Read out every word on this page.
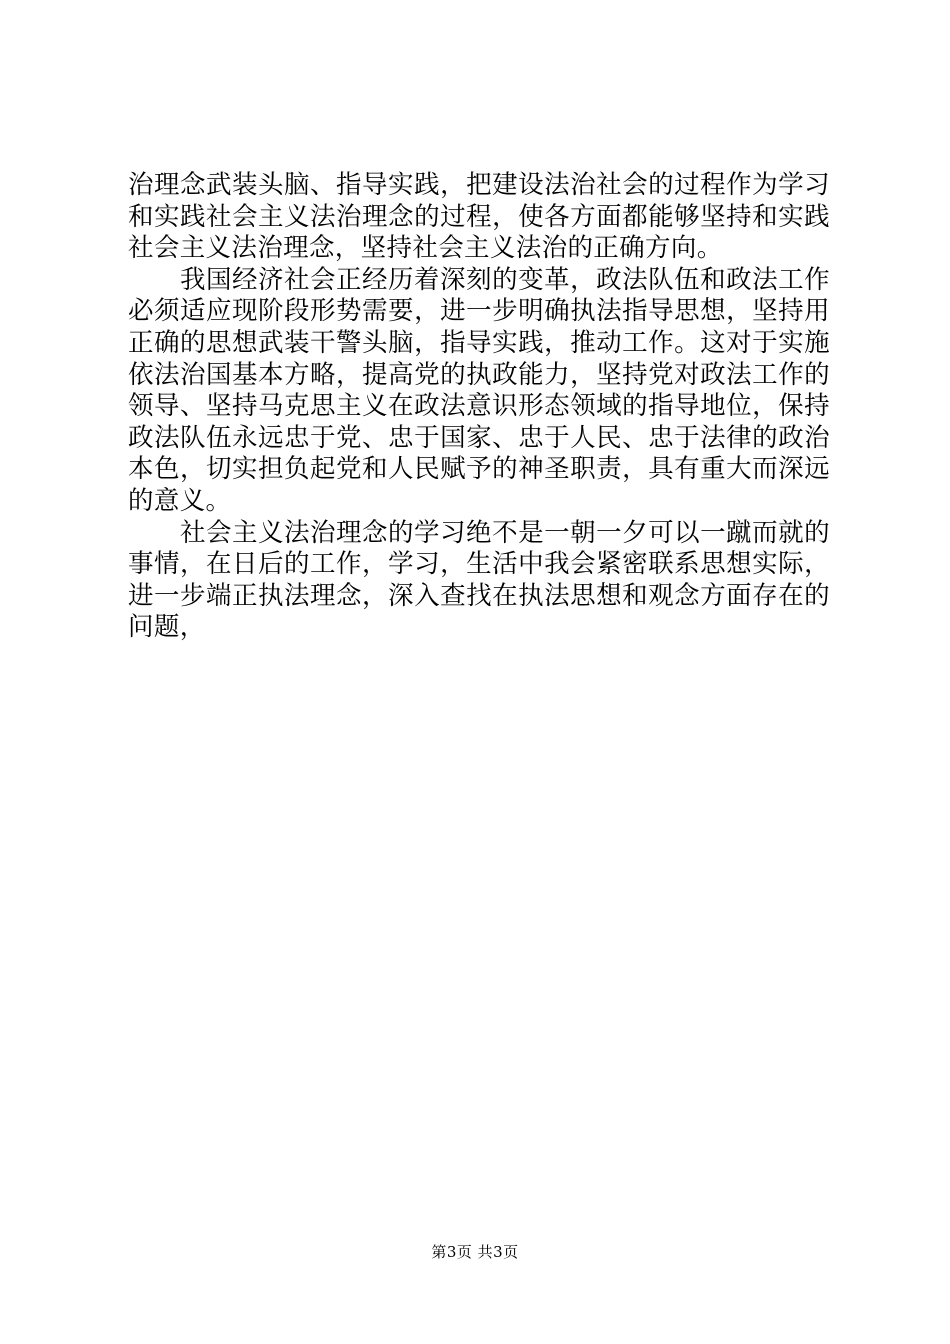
治理念武装头脑、指导实践，把建设法治社会的过程作为学习和实践社会主义法治理念的过程，使各方面都能够坚持和实践社会主义法治理念，坚持社会主义法治的正确方向。

我国经济社会正经历着深刻的变革，政法队伍和政法工作必须适应现阶段形势需要，进一步明确执法指导思想，坚持用正确的思想武装干警头脑，指导实践，推动工作。这对于实施依法治国基本方略，提高党的执政能力，坚持党对政法工作的领导、坚持马克思主义在政法意识形态领域的指导地位，保持政法队伍永远忠于党、忠于国家、忠于人民、忠于法律的政治本色，切实担负起党和人民赋予的神圣职责，具有重大而深远的意义。

社会主义法治理念的学习绝不是一朝一夕可以一蹴而就的事情，在日后的工作，学习，生活中我会紧密联系思想实际，进一步端正执法理念，深入查找在执法思想和观念方面存在的问题，

第3页 共3页
